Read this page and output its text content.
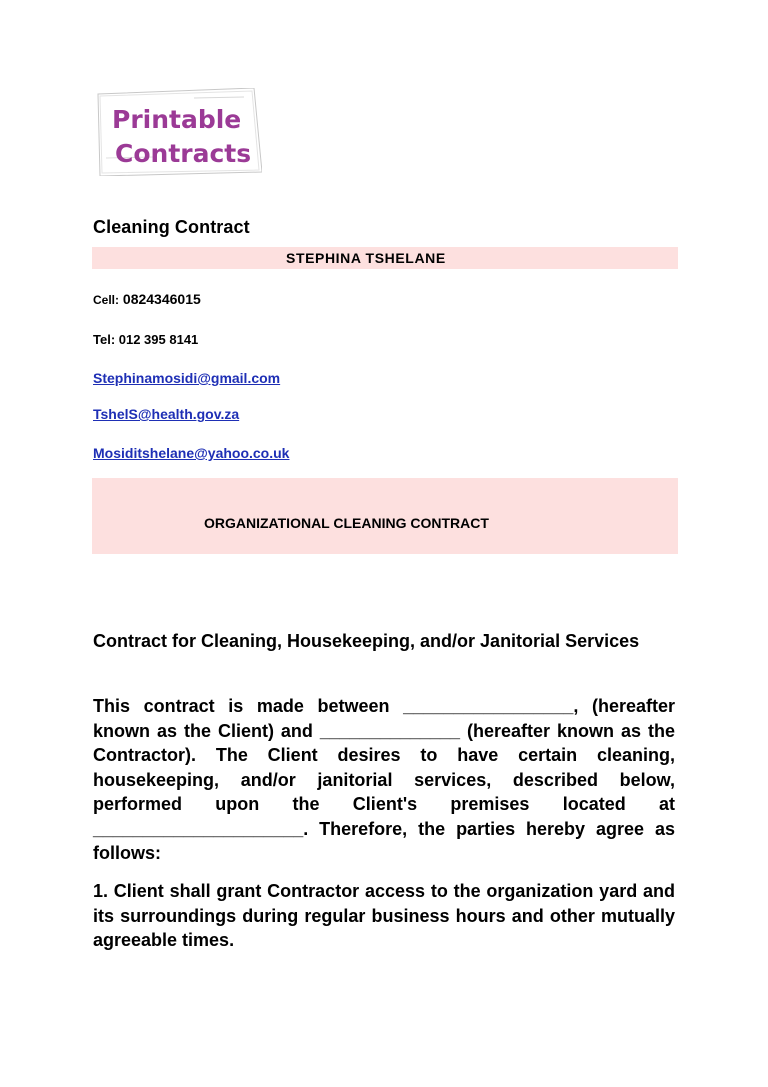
Printable
Contracts
Cleaning Contract
STEPHINA TSHELANE
Cell: 0824346015
Tel: 012 395 8141
Stephinamosidi@gmail.com
TshelS@health.gov.za
Mosiditshelane@yahoo.co.uk
ORGANIZATIONAL CLEANING CONTRACT
Contract for Cleaning, Housekeeping, and/or Janitorial Services
This contract is made between _________________, (hereafter known as the Client) and ______________ (hereafter known as the Contractor). The Client desires to have certain cleaning, housekeeping, and/or janitorial services, described below, performed upon the Client's premises located at _____________________. Therefore, the parties hereby agree as follows:
1. Client shall grant Contractor access to the organization yard and its surroundings during regular business hours and other mutually agreeable times.
